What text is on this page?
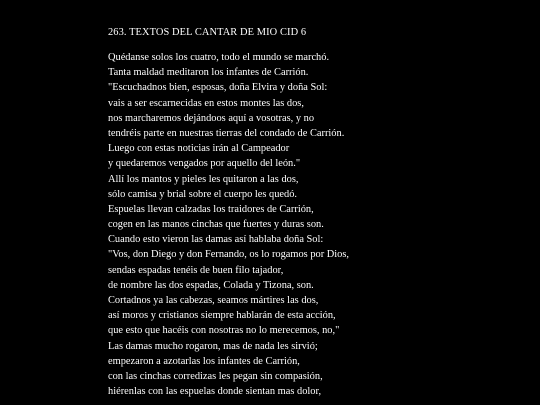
263. TEXTOS DEL CANTAR DE MIO CID 6
Quédanse solos los cuatro, todo el mundo se marchó.
Tanta maldad meditaron los infantes de Carrión.
"Escuchadnos bien, esposas, doña Elvira y doña Sol:
vais a ser escarnecidas en estos montes las dos,
nos marcharemos dejándoos aquí a vosotras, y no
tendréis parte en nuestras tierras del condado de Carrión.
Luego con estas noticias irán al Campeador
y quedaremos vengados por aquello del león."
Allí los mantos y pieles les quitaron a las dos,
sólo camisa y brial sobre el cuerpo les quedó.
Espuelas llevan calzadas los traidores de Carrión,
cogen en las manos cinchas que fuertes y duras son.
Cuando esto vieron las damas así hablaba doña Sol:
"Vos, don Diego y don Fernando, os lo rogamos por Dios,
sendas espadas tenéis de buen filo tajador,
de nombre las dos espadas, Colada y Tizona, son.
Cortadnos ya las cabezas, seamos mártires las dos,
así moros y cristianos siempre hablarán de esta acción,
que esto que hacéis con nosotras no lo merecemos, no,"
Las damas mucho rogaron, mas de nada les sirvió;
empezaron a azotarlas los infantes de Carrión,
con las cinchas corredizas les pegan sin compasión,
hiérenlas con las espuelas donde sientan mas dolor,
